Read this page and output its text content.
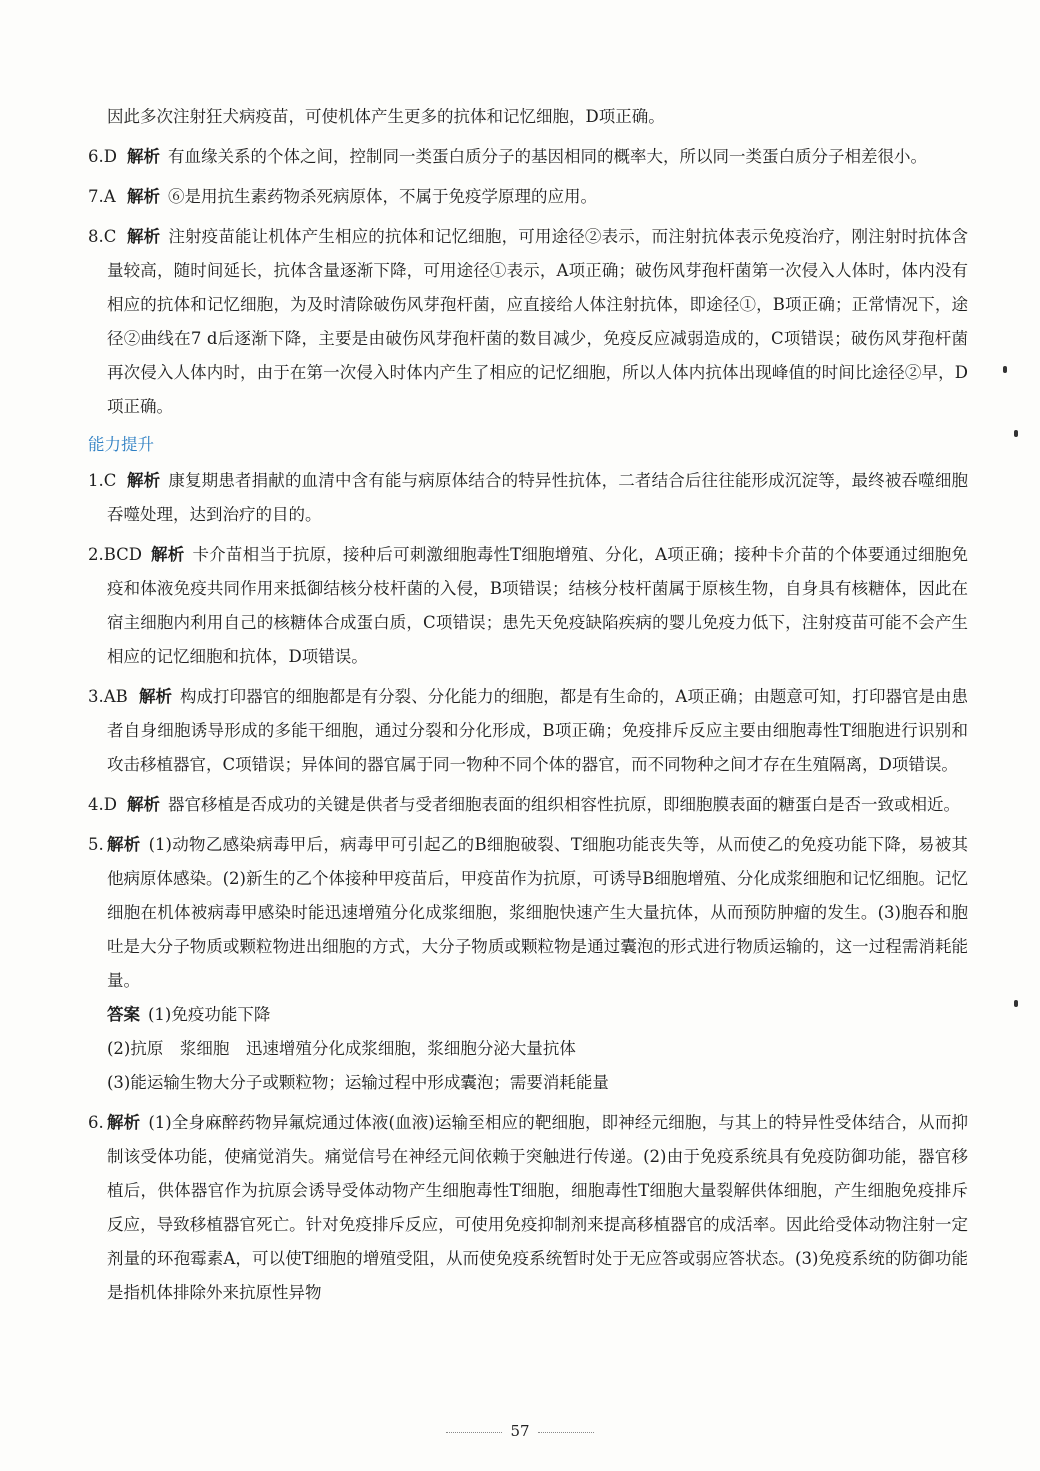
因此多次注射狂犬病疫苗，可使机体产生更多的抗体和记忆细胞，D项正确。

6.D 解析 有血缘关系的个体之间，控制同一类蛋白质分子的基因相同的概率大，所以同一类蛋白质分子相差很小。

7.A 解析 ⑥是用抗生素药物杀死病原体，不属于免疫学原理的应用。

8.C 解析 注射疫苗能让机体产生相应的抗体和记忆细胞，可用途径②表示，而注射抗体表示免疫治疗，刚注射时抗体含量较高，随时间延长，抗体含量逐渐下降，可用途径①表示，A项正确；破伤风芽孢杆菌第一次侵入人体时，体内没有相应的抗体和记忆细胞，为及时清除破伤风芽孢杆菌，应直接给人体注射抗体，即途径①，B项正确；正常情况下，途径②曲线在7 d后逐渐下降，主要是由破伤风芽孢杆菌的数目减少，免疫反应减弱造成的，C项错误；破伤风芽孢杆菌再次侵入人体内时，由于在第一次侵入时体内产生了相应的记忆细胞，所以人体内抗体出现峰值的时间比途径②早，D项正确。

能力提升

1.C 解析 康复期患者捐献的血清中含有能与病原体结合的特异性抗体，二者结合后往往能形成沉淀等，最终被吞噬细胞吞噬处理，达到治疗的目的。

2.BCD 解析 卡介苗相当于抗原，接种后可刺激细胞毒性T细胞增殖、分化，A项正确；接种卡介苗的个体要通过细胞免疫和体液免疫共同作用来抵御结核分枝杆菌的入侵，B项错误；结核分枝杆菌属于原核生物，自身具有核糖体，因此在宿主细胞内利用自己的核糖体合成蛋白质，C项错误；患先天免疫缺陷疾病的婴儿免疫力低下，注射疫苗可能不会产生相应的记忆细胞和抗体，D项错误。

3.AB 解析 构成打印器官的细胞都是有分裂、分化能力的细胞，都是有生命的，A项正确；由题意可知，打印器官是由患者自身细胞诱导形成的多能干细胞，通过分裂和分化形成，B项正确；免疫排斥反应主要由细胞毒性T细胞进行识别和攻击移植器官，C项错误；异体间的器官属于同一物种不同个体的器官，而不同物种之间才存在生殖隔离，D项错误。

4.D 解析 器官移植是否成功的关键是供者与受者细胞表面的组织相容性抗原，即细胞膜表面的糖蛋白是否一致或相近。

5. 解析 (1)动物乙感染病毒甲后，病毒甲可引起乙的B细胞破裂、T细胞功能丧失等，从而使乙的免疫功能下降，易被其他病原体感染。(2)新生的乙个体接种甲疫苗后，甲疫苗作为抗原，可诱导B细胞增殖、分化成浆细胞和记忆细胞。记忆细胞在机体被病毒甲感染时能迅速增殖分化成浆细胞，浆细胞快速产生大量抗体，从而预防肿瘤的发生。(3)胞吞和胞吐是大分子物质或颗粒物进出细胞的方式，大分子物质或颗粒物是通过囊泡的形式进行物质运输的，这一过程需消耗能量。

答案 (1)免疫功能下降

(2)抗原　浆细胞　迅速增殖分化成浆细胞，浆细胞分泌大量抗体

(3)能运输生物大分子或颗粒物；运输过程中形成囊泡；需要消耗能量

6. 解析 (1)全身麻醉药物异氟烷通过体液(血液)运输至相应的靶细胞，即神经元细胞，与其上的特异性受体结合，从而抑制该受体功能，使痛觉消失。痛觉信号在神经元间依赖于突触进行传递。(2)由于免疫系统具有免疫防御功能，器官移植后，供体器官作为抗原会诱导受体动物产生细胞毒性T细胞，细胞毒性T细胞大量裂解供体细胞，产生细胞免疫排斥反应，导致移植器官死亡。针对免疫排斥反应，可使用免疫抑制剂来提高移植器官的成活率。因此给受体动物注射一定剂量的环孢霉素A，可以使T细胞的增殖受阻，从而使免疫系统暂时处于无应答或弱应答状态。(3)免疫系统的防御功能是指机体排除外来抗原性异物

57
